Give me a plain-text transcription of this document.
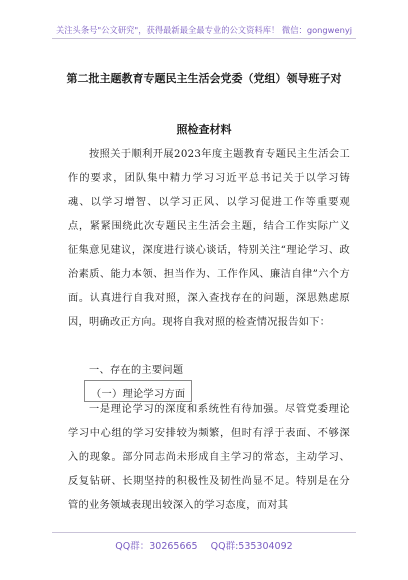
关注头条号"公文研究"，获得最新最全最专业的公文资料库！ 微信：gongwenyj
第二批主题教育专题民主生活会党委（党组）领导班子对
照检查材料
按照关于顺利开展2023年度主题教育专题民主生活会工作的要求，团队集中精力学习习近平总书记关于以学习铸魂、以学习增智、以学习正风、以学习促进工作等重要观点，紧紧围绕此次专题民主生活会主题，结合工作实际广义征集意见建议，深度进行谈心谈话，特别关注“理论学习、政治素质、能力本领、担当作为、工作作风、廉洁自律”六个方面。认真进行自我对照，深入查找存在的问题，深思熟虑原因，明确改正方向。现将自我对照的检查情况报告如下：
一、存在的主要问题
（一）理论学习方面
一是理论学习的深度和系统性有待加强。尽管党委理论学习中心组的学习安排较为频繁，但时有浮于表面、不够深入的现象。部分同志尚未形成自主学习的常态，主动学习、反复钻研、长期坚持的积极性及韧性尚显不足。特别是在分管的业务领域表现出较深入的学习态度，而对其
QQ群：30265665 QQ群:535304092
